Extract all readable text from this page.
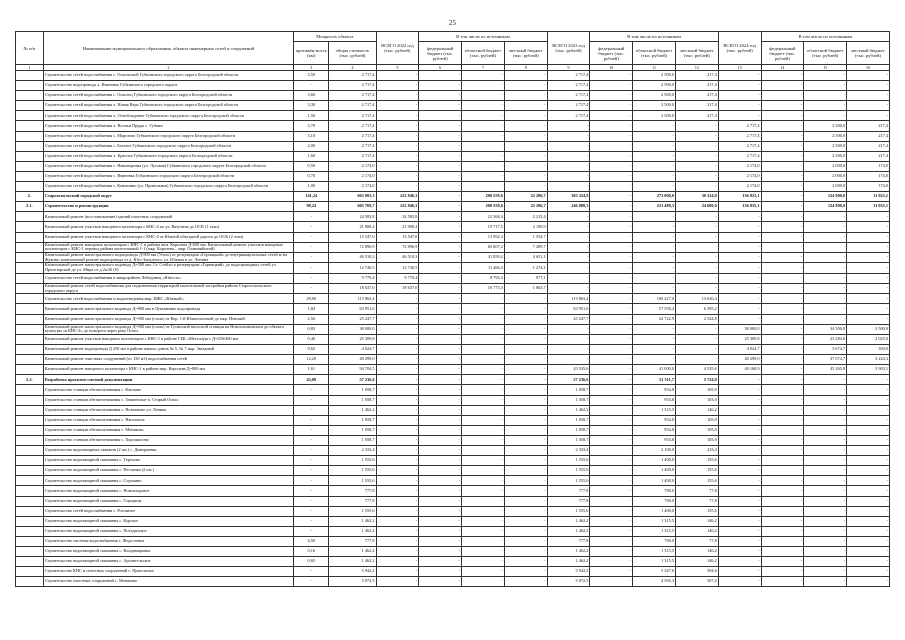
25
№ п/п	Наименование муниципального образования, объекта инженерных сетей и сооружений	Мощность объекта		ВСЕГО 2022 год (тыс. рублей)	В том числе по источникам			ВСЕГО 2023 год (тыс. рублей)	В том числе по источникам			ВСЕГО 2024 год (тыс. рублей)	В том числе по источникам		
		протяжён-ность (км)	общая стоимость (тыс. рублей)		федеральный бюджет (тыс. рублей)	областной бюджет (тыс. рублей)	местный бюджет (тыс. рублей)		федеральный бюджет (тыс. рублей)	областной бюджет (тыс. рублей)	местный бюджет (тыс. рублей)		федеральный бюджет (тыс. рублей)	областной бюджет (тыс. рублей)	местный бюджет (тыс. рублей)
1	2	3	4	5	6	7	8	9	10	11	12	13	14	15	16
	Строительство сетей водоснабжения с. Оскольской Губкинского городского округа Белгородской области	3,50	2 717,4	-	-	-	-	2 717,4	-	2 500,0	217,4	-	-	-	-
	Строительство водопровода х. Ивановка Губкинского городского округа	-	2 717,4	-	-	-	-	2 717,4	-	2 500,0	217,4	-	-	-	-
	Строительство сетей водоснабжения с. Осколец Губкинского городского округа Белгородской области	3,60	2 717,4	-	-	-	-	2 717,4	-	2 500,0	217,4	-	-	-	-
	Строительство сетей водоснабжения х. Новая Вера Губкинского городского округа Белгородской области	3,30	2 717,4	-	-	-	-	2 717,4	-	2 500,0	217,4	-	-	-	-
	Строительство сетей водоснабжения х. Освобождение Губкинского городского округа Белгородской области	1,50	2 717,4	-	-	-	-	2 717,4	-	2 500,0	217,4	-	-	-	-
	Строительство сетей водоснабжения х. Волчьи Пруды с. Губкин	3,70	2 717,4	-	-	-	-	-	-	-	-	2 717,4	-	2 500,0	217,4
	Строительство сетей водоснабжения с. Морозово Губкинского городского округа Белгородской области	3,10	2 717,4	-	-	-	-	-	-	-	-	2 717,4	-	2 500,0	217,4
	Строительство сетей водоснабжения с. Богатое Губкинского городского округа Белгородской области	2,00	2 717,4	-	-	-	-	-	-	-	-	2 717,4	-	2 500,0	217,4
	Строительство сетей водоснабжения х. Красное Губкинского городского округа Белгородской области	1,60	2 717,4	-	-	-	-	-	-	-	-	2 717,4	-	2 500,0	217,4
	Строительство сетей водоснабжения с. Никаноровка (ул. Луговая) Губкинского городского округа Белгородской области	0,50	2 174,0	-	-	-	-	-	-	-	-	2 174,0	-	2 000,0	174,0
	Строительство сетей водоснабжения с. Ивановка Губкинского городского округа Белгородской области	0,70	2 174,0	-	-	-	-	-	-	-	-	2 174,0	-	2 000,0	174,0
	Строительство сетей водоснабжения с. Коньшино (ул. Привольная) Губкинского городского округа Белгородской области	1,00	2 174,0	-	-	-	-	-	-	-	-	2 174,0	-	2 000,0	174,0
2.	Старооскольский городской округ	141,24	663 003,3	222 846,3	-	200 559,6	22 286,7	303 324,9	-	273 000,0	30 324,9	136 823,1	-	124 900,0	11 923,1
2.1.	Строительство и реконструкция	98,24	605 769,7	222 846,3	-	200 559,6	22 286,7	246 088,3	-	221 488,3	24 600,0	136 835,1	-	124 900,0	11 935,1
	Капитальный ремонт (восстановление) зданий очистных сооружений	-	24 583,8	24 583,8	-	22 368,4	2 215,4	-	-	-	-	-	-	-	-
	Капитальный ремонт участков напорного коллектора с КНС-4 по ул. Ватутина до ОСК (1 этап)	-	21 908,4	21 908,4	-	19 717,5	2 190,9	-	-	-	-	-	-	-	-
	Капитальный ремонт участков напорного коллектора с КНС-4 от Южной объездной дороги до ОСК (2 этап)	-	15 547,0	15 547,0	-	13 992,3	1 554,7	-	-	-	-	-	-	-	-
	Капитальный ремонт напорных коллекторов с КНС-1 и района нем. Королева Д-600 мм. Капитальный ремонт участков напорных коллекторов с КНС-1 перевод района малоэтажной 1-1 (мкр. Королева – мкр. Олимпийский)	-	72 896,9	72 896,9	-	65 607,2	7 289,7	-	-	-	-	-	-	-	-
	Капитальный ремонт магистрального водопровода Д-800 мм (Уголь) от резервуаров «Горняцкий» до внутриквартальных сетей м-на Жукова; капитальный ремонт водопровода от д. Юго-Западного, ул. Южная и ул. Ленина	-	46 510,3	46 510,3	-	41 859,2	4 651,1	-	-	-	-	-	-	-	-
	Капитальный ремонт магистрального водовода Д=500 мм. Ст. Стойло к резервуарам «Горняцкий» до водопроводных сетей ул. Пролетарской до ул. Мира от д.2а/26 (б)	-	12 740,5	12 740,5	-	11 466,4	1 274,1	-	-	-	-	-	-	-	-
	Строительство сетей водоснабжения в микрорайоне Лебединец «Юность»	-	9 770,4	9 770,4	-	8 793,3	977,1	-	-	-	-	-	-	-	-
	Капитальный ремонт сетей водоснабжения для подключения территорий малоэтажной застройки района Старооскольского городского округа	-	18 637,0	18 637,0	-	16 773,3	1 863,7	-	-	-	-	-	-	-	-
	Строительство сетей водоснабжения и водоотведения мкр. ИЖС «Южный»	29,00	113 863,4	-	-	-	-	113 863,4	-	100 227,0	13 636,4	-	-	-	-
	Капитальный ремонт магистрального водовода Д=800 мм в Лукьяновке водопровода	1,84	63 951,6	-	-	-	-	63 951,6	-	57 556,4	6 395,2	-	-	-	-
	Капитальный ремонт магистрального водовода Д=500 мм (сталь) от Кор. 1-й Южнополевой до мкр. Невский	2,56	25 247,7	-	-	-	-	25 247,7	-	22 722,9	2 524,8	-	-	-	-
	Капитальный ремонт магистрального водовода Д=500 мм (сталь) от Гусинской насосной станции на Новотихоновском до объекта культуры «в КНС-4» до поворота через реку Оскол	0,83	38 000,0	-	-	-	-	-	-	-	-	38 000,0	-	34 500,0	3 500,0
	Капитальный ремонт участков напорных коллекторов с КНС-1 в районе ГБК «Металлург» Д=250/400 мм	0,40	25 309,8	-	-	-	-	-	-	-	-	25 309,8	-	23 284,0	2 025,8
	Капитальный ремонт водопровода Д 250 мм в районе жилых домов № 5, № 7 мкр. Звездный	9,62	4 024,7	-	-	-	-	-	-	-	-	4 024,7	-	3 674,7	350,0
	Капитальный ремонт очистных сооружений (от 150 м3) водоснабжения сетей	12,20	40 299,0	-	-	-	-	-	-	-	-	40 299,0	-	37 074,7	3 224,3
	Капитальный ремонт напорного коллектора с КНС-1 в районе мкр. Королева Д=800 мм	1,61	94 704,5	-	-	-	-	45 535,6	-	41 000,0	4 535,6	49 168,9	-	45 265,8	3 903,1
2.2.	Разработка проектно-сметной документации	43,00	57 236,6	-	-	-	-	57 236,6	-	51 511,7	5 724,9	-	-	-	-
	Строительство станции обезжелезивания с. Каплино	-	1 058,7	-	-	-	-	1 058,7	-	954,8	105,9	-	-	-	-
	Строительство станции обезжелезивания с. Знаменское п. Старый Оскол	-	1 058,7	-	-	-	-	1 058,7	-	954,8	103,0	-	-	-	-
	Строительство станции обезжелезивания с. Незнамово ул. Ленина	-	1 462,2	-	-	-	-	1 462,2	-	1 315,5	146,2	-	-	-	-
	Строительство станции обезжелезивания с. Нагольное	-	1 058,7	-	-	-	-	1 058,7	-	954,8	105,9	-	-	-	-
	Строительство станции обезжелезивания с. Монаково	-	1 058,7	-	-	-	-	1 058,7	-	954,8	105,9	-	-	-	-
	Строительство станции обезжелезивания с. Хорошилово	-	1 058,7	-	-	-	-	1 058,7	-	954,8	105,9	-	-	-	-
	Строительство водонапорных скважин (2 шт.) с. Дмитриевка	-	2 333,4	-	-	-	-	2 333,4	-	2 100,0	233,4	-	-	-	-
	Строительство водонапорной скважины с. Терехово	-	1 555,6	-	-	-	-	1 555,6	-	1 400,0	155,6	-	-	-	-
	Строительство водонапорной скважины с. Песчанка (2 шт.)	-	1 555,6	-	-	-	-	1 555,6	-	1 400,0	155,6	-	-	-	-
	Строительство водонапорной скважины с. Сорокино	-	1 555,6	-	-	-	-	1 555,6	-	1 400,0	155,6	-	-	-	-
	Строительство водонапорной скважины с. Новокладовое	-	777,8	-	-	-	-	777,8	-	700,0	77,8	-	-	-	-
	Строительство водонапорной скважины с. Городище	-	777,8	-	-	-	-	777,8	-	700,0	77,8	-	-	-	-
	Строительство сетей водоснабжения с. Роговатое	-	1 555,6	-	-	-	-	1 555,6	-	1 400,0	155,6	-	-	-	-
	Строительство водонапорной скважины с. Курское	-	1 462,2	-	-	-	-	1 462,2	-	1 315,5	146,2	-	-	-	-
	Строительство водонапорной скважины с. Потуданское	-	1 462,2	-	-	-	-	1 462,2	-	1 315,5	146,2	-	-	-	-
	Строительство системы водоснабжения с. Федосеевка	4,50	777,8	-	-	-	-	777,8	-	700,0	77,8	-	-	-	-
	Строительство водонапорной скважины с. Владимировка	0,16	1 462,2	-	-	-	-	1 462,2	-	1 315,5	146,2	-	-	-	-
	Строительство водонапорной скважины с. Архангельское	0,65	1 462,2	-	-	-	-	1 462,2	-	1 315,5	146,2	-	-	-	-
	Строительство КНС и очистных сооружений с. Приосколье	-	5 942,2	-	-	-	-	5 942,2	-	5 347,6	594,6	-	-	-	-
	Строительство очистных сооружений с. Монаково	-	5 072,5	-	-	-	-	5 072,5	-	4 565,3	507,2	-	-	-	-
